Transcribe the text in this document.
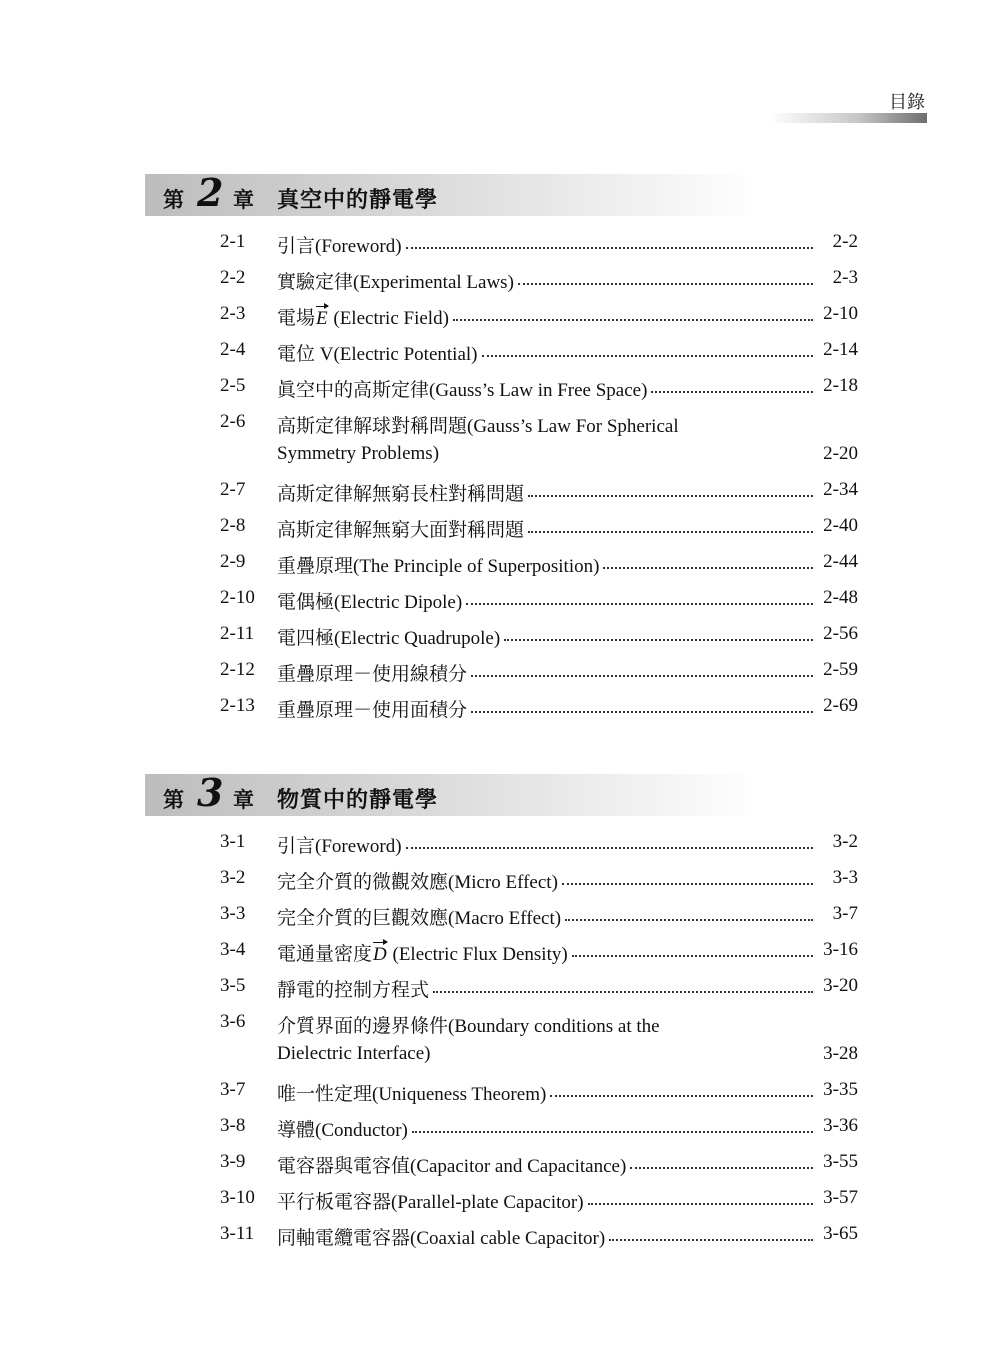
目錄
第 2 章 真空中的靜電學
2-1 引言(Foreword)	2-2
2-2 實驗定律(Experimental Laws)	2-3
2-3 電場E (Electric Field)	2-10
2-4 電位 V(Electric Potential)	2-14
2-5 眞空中的高斯定律(Gauss’s Law in Free Space)	2-18
2-6 高斯定律解球對稱問題(Gauss’s Law For Spherical
Symmetry Problems)	2-20
2-7 高斯定律解無窮長柱對稱問題	2-34
2-8 高斯定律解無窮大面對稱問題	2-40
2-9 重疊原理(The Principle of Superposition)	2-44
2-10 電偶極(Electric Dipole)	2-48
2-11 電四極(Electric Quadrupole)	2-56
2-12 重疊原理－使用線積分	2-59
2-13 重疊原理－使用面積分	2-69
第 3 章 物質中的靜電學
3-1 引言(Foreword)	3-2
3-2 完全介質的微觀效應(Micro Effect)	3-3
3-3 完全介質的巨觀效應(Macro Effect)	3-7
3-4 電通量密度D (Electric Flux Density)	3-16
3-5 靜電的控制方程式	3-20
3-6 介質界面的邊界條件(Boundary conditions at the
Dielectric Interface)	3-28
3-7 唯一性定理(Uniqueness Theorem)	3-35
3-8 導體(Conductor)	3-36
3-9 電容器與電容值(Capacitor and Capacitance)	3-55
3-10 平行板電容器(Parallel-plate Capacitor)	3-57
3-11 同軸電纜電容器(Coaxial cable Capacitor)	3-65
